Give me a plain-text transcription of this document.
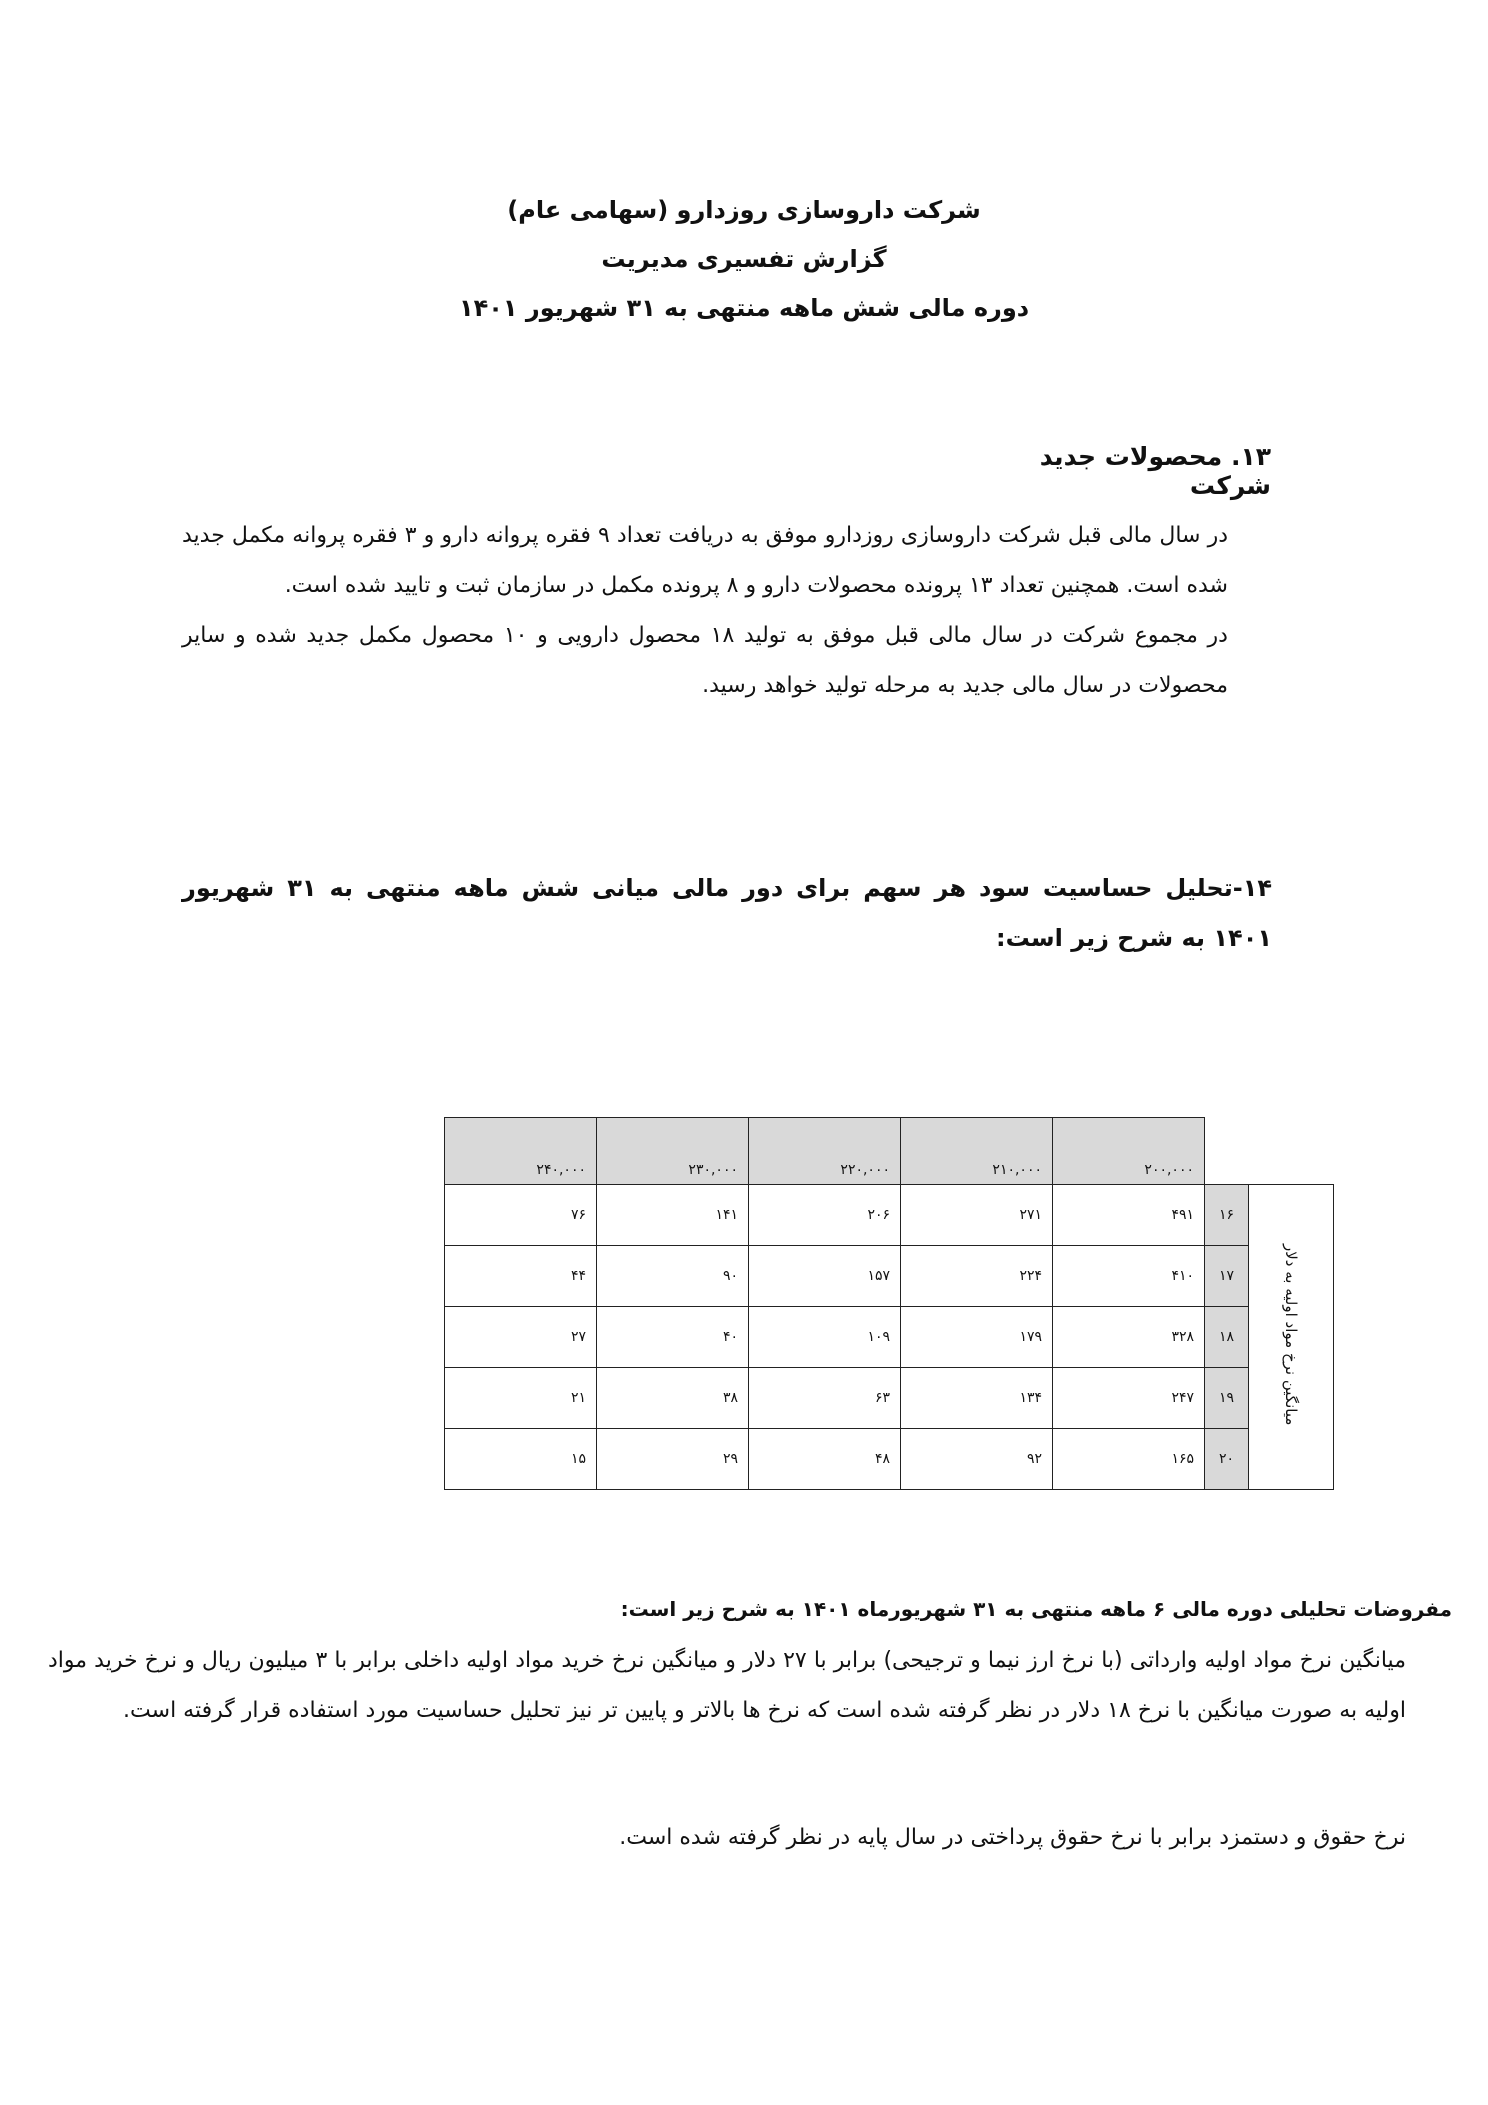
شرکت داروسازی روزدارو (سهامی عام)
گزارش تفسیری مدیریت
دوره مالی شش ماهه منتهی به ۳۱ شهریور ۱۴۰۱
۱۳. محصولات جدید شرکت

در سال مالی قبل شرکت داروسازی روزدارو موفق به دریافت تعداد ۹ فقره پروانه دارو و ۳ فقره پروانه مکمل جدید شده است. همچنین تعداد ۱۳ پرونده محصولات دارو و ۸ پرونده مکمل در سازمان ثبت و تایید شده است.

در مجموع شرکت در سال مالی قبل موفق به تولید ۱۸ محصول دارویی و ۱۰ محصول مکمل جدید شده و سایر محصولات در سال مالی جدید به مرحله تولید خواهد رسید.

۱۴-تحلیل حساسیت سود هر سهم برای دور مالی میانی شش ماهه منتهی به ۳۱ شهریور ۱۴۰۱ به شرح زیر است:
۲۴۰,۰۰۰	۲۳۰,۰۰۰	۲۲۰,۰۰۰	۲۱۰,۰۰۰	۲۰۰,۰۰۰		
۷۶	۱۴۱	۲۰۶	۲۷۱	۴۹۱	۱۶	میانگین نرخ مواد اولیه به دلار
۴۴	۹۰	۱۵۷	۲۲۴	۴۱۰	۱۷	
۲۷	۴۰	۱۰۹	۱۷۹	۳۲۸	۱۸	
۲۱	۳۸	۶۳	۱۳۴	۲۴۷	۱۹	
۱۵	۲۹	۴۸	۹۲	۱۶۵	۲۰	
مفروضات تحلیلی دوره مالی ۶ ماهه منتهی به ۳۱ شهریورماه ۱۴۰۱ به شرح زیر است:
میانگین نرخ مواد اولیه وارداتی (با نرخ ارز نیما و ترجیحی) برابر با ۲۷ دلار و میانگین نرخ خرید مواد اولیه داخلی برابر با ۳ میلیون ریال و نرخ خرید مواد اولیه به صورت میانگین با نرخ ۱۸ دلار در نظر گرفته شده است که نرخ ها بالاتر و پایین تر نیز تحلیل حساسیت مورد استفاده قرار گرفته است.
نرخ حقوق و دستمزد برابر با نرخ حقوق پرداختی در سال پایه در نظر گرفته شده است.
